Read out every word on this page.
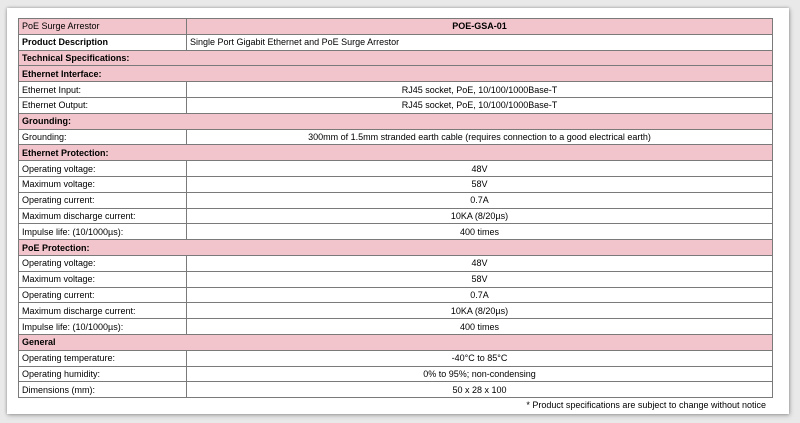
PoE Surge Arrestor	POE-GSA-01
Product Description	Single Port Gigabit Ethernet and PoE Surge Arrestor
Technical Specifications:	
Ethernet Interface:	
Ethernet Input:	RJ45 socket, PoE, 10/100/1000Base-T
Ethernet Output:	RJ45 socket, PoE, 10/100/1000Base-T
Grounding:	
Grounding:	300mm of 1.5mm stranded earth cable (requires connection to a good electrical earth)
Ethernet Protection:	
Operating voltage:	48V
Maximum voltage:	58V
Operating current:	0.7A
Maximum discharge current:	10KA (8/20µs)
Impulse life: (10/1000µs):	400 times
PoE Protection:	
Operating voltage:	48V
Maximum voltage:	58V
Operating current:	0.7A
Maximum discharge current:	10KA (8/20µs)
Impulse life: (10/1000µs):	400 times
General	
Operating temperature:	-40°C to 85°C
Operating humidity:	0% to 95%; non-condensing
Dimensions (mm):	50 x 28 x 100
* Product specifications are subject to change without notice
